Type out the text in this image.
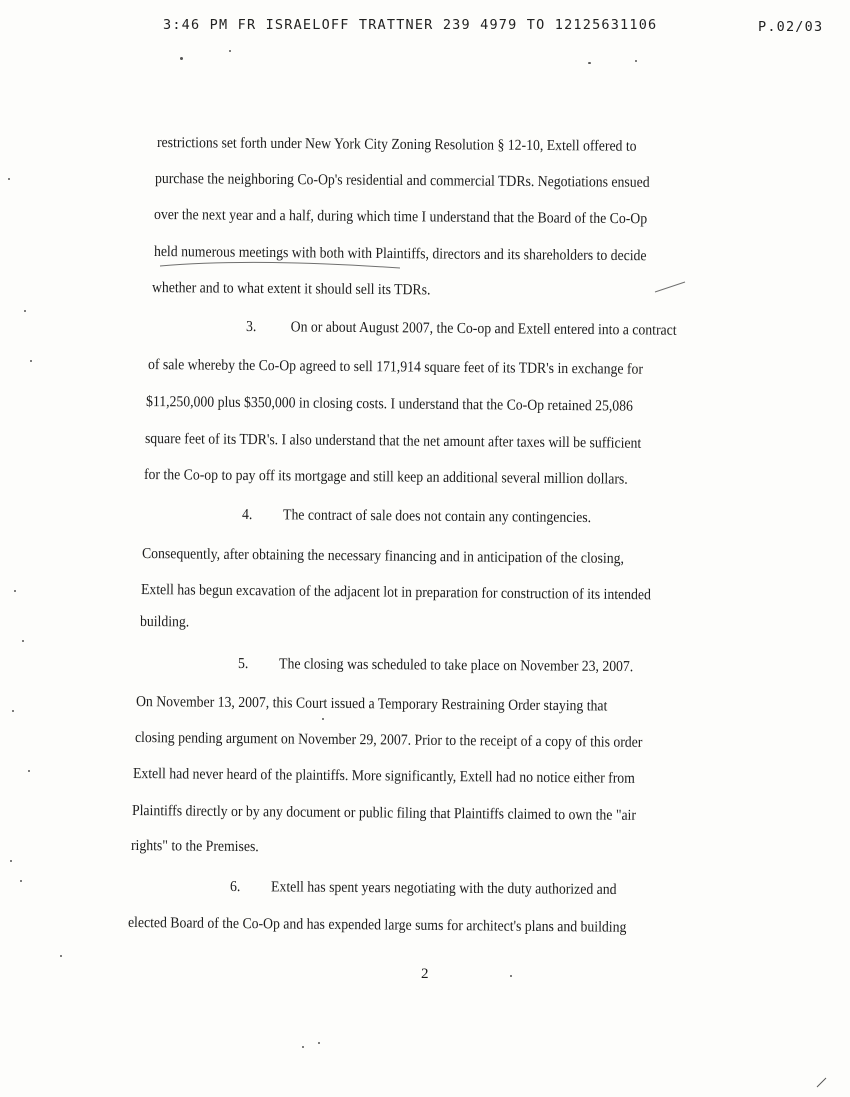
3:46 PM FR ISRAELOFF TRATTNER 239 4979 TO 12125631106	P.02/03
restrictions set forth under New York City Zoning Resolution § 12-10, Extell offered to
purchase the neighboring Co-Op's residential and commercial TDRs. Negotiations ensued
over the next year and a half, during which time I understand that the Board of the Co-Op
held numerous meetings with both with Plaintiffs, directors and its shareholders to decide
whether and to what extent it should sell its TDRs.
3. On or about August 2007, the Co-op and Extell entered into a contract
of sale whereby the Co-Op agreed to sell 171,914 square feet of its TDR's in exchange for
$11,250,000 plus $350,000 in closing costs. I understand that the Co-Op retained 25,086
square feet of its TDR's. I also understand that the net amount after taxes will be sufficient
for the Co-op to pay off its mortgage and still keep an additional several million dollars.
4. The contract of sale does not contain any contingencies.
Consequently, after obtaining the necessary financing and in anticipation of the closing,
Extell has begun excavation of the adjacent lot in preparation for construction of its intended
building.
5. The closing was scheduled to take place on November 23, 2007.
On November 13, 2007, this Court issued a Temporary Restraining Order staying that
closing pending argument on November 29, 2007. Prior to the receipt of a copy of this order
Extell had never heard of the plaintiffs. More significantly, Extell had no notice either from
Plaintiffs directly or by any document or public filing that Plaintiffs claimed to own the "air
rights" to the Premises.
6. Extell has spent years negotiating with the duty authorized and
elected Board of the Co-Op and has expended large sums for architect's plans and building
2
